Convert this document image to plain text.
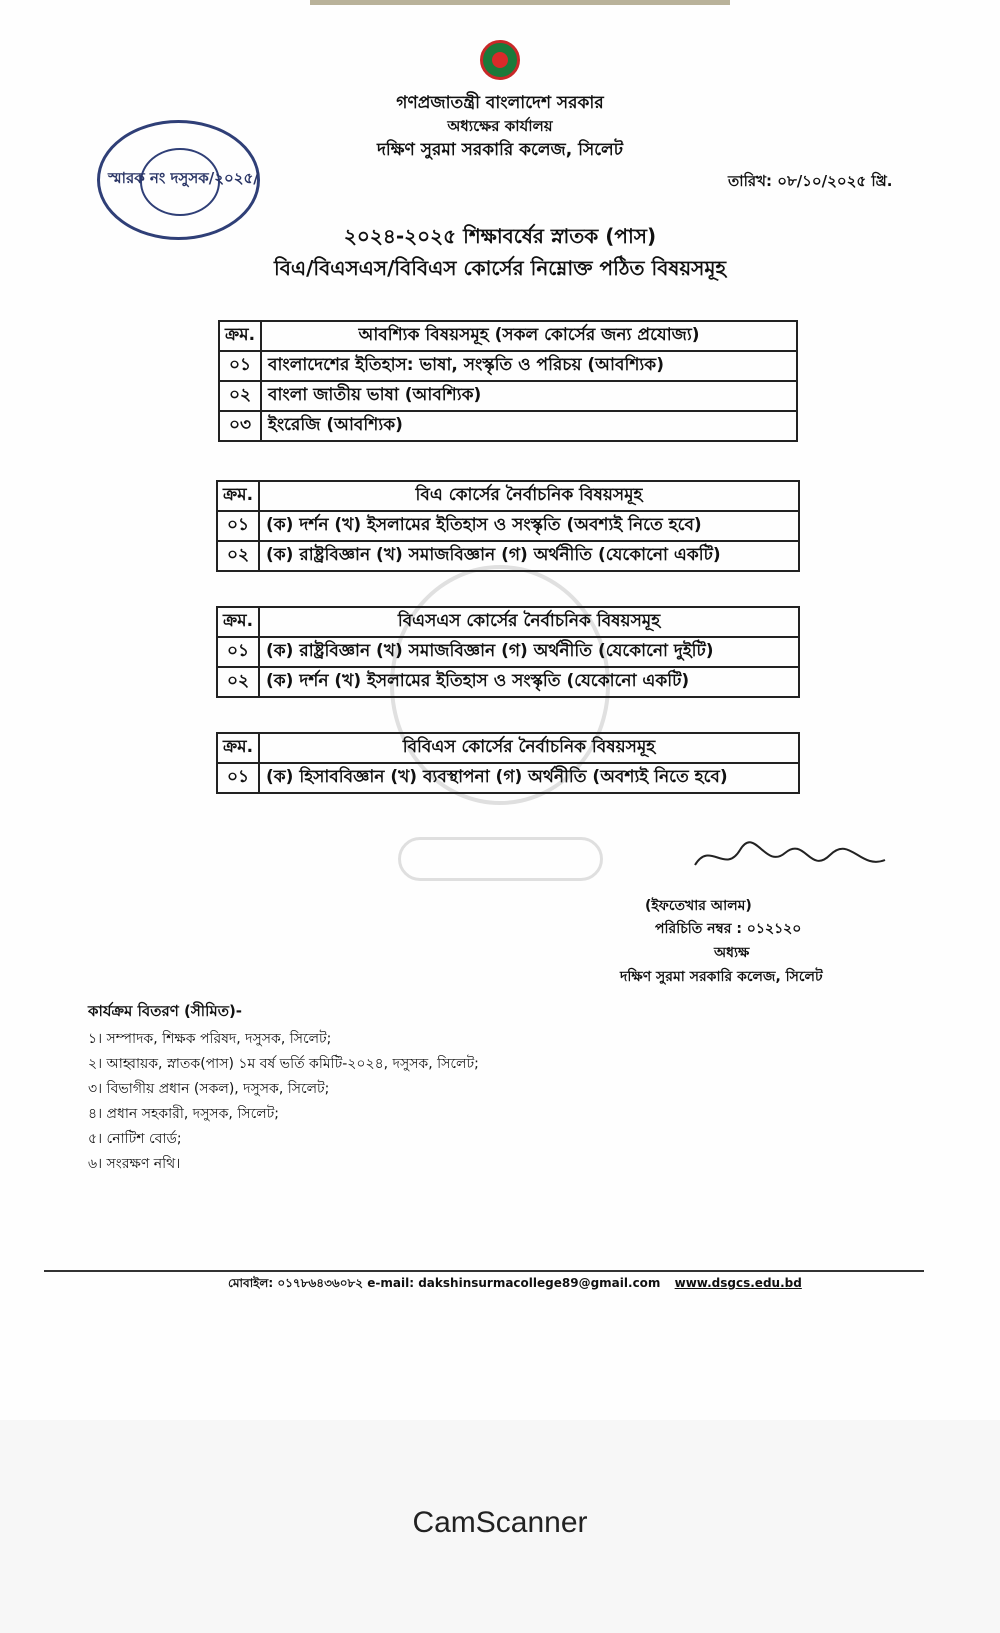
গণপ্রজাতন্ত্রী বাংলাদেশ সরকার
অধ্যক্ষের কার্যালয়
দক্ষিণ সুরমা সরকারি কলেজ, সিলেট
স্মারক নং দসুসক/২০২৫/	তারিখ: ০৮/১০/২০২৫ খ্রি.
২০২৪-২০২৫ শিক্ষাবর্ষের স্নাতক (পাস)
বিএ/বিএসএস/বিবিএস কোর্সের নিম্নোক্ত পঠিত বিষয়সমূহ
ক্রম.	আবশ্যিক বিষয়সমূহ (সকল কোর্সের জন্য প্রযোজ্য)
০১	বাংলাদেশের ইতিহাস: ভাষা, সংস্কৃতি ও পরিচয় (আবশ্যিক)
০২	বাংলা জাতীয় ভাষা (আবশ্যিক)
০৩	ইংরেজি (আবশ্যিক)
ক্রম.	বিএ কোর্সের নৈর্বাচনিক বিষয়সমূহ
০১	(ক) দর্শন (খ) ইসলামের ইতিহাস ও সংস্কৃতি (অবশ্যই নিতে হবে)
০২	(ক) রাষ্ট্রবিজ্ঞান (খ) সমাজবিজ্ঞান (গ) অর্থনীতি (যেকোনো একটি)
ক্রম.	বিএসএস কোর্সের নৈর্বাচনিক বিষয়সমূহ
০১	(ক) রাষ্ট্রবিজ্ঞান (খ) সমাজবিজ্ঞান (গ) অর্থনীতি (যেকোনো দুইটি)
০২	(ক) দর্শন (খ) ইসলামের ইতিহাস ও সংস্কৃতি (যেকোনো একটি)
ক্রম.	বিবিএস কোর্সের নৈর্বাচনিক বিষয়সমূহ
০১	(ক) হিসাববিজ্ঞান (খ) ব্যবস্থাপনা (গ) অর্থনীতি (অবশ্যই নিতে হবে)
(ইফতেখার আলম)
পরিচিতি নম্বর : ০১২১২০
অধ্যক্ষ
দক্ষিণ সুরমা সরকারি কলেজ, সিলেট
কার্যক্রম বিতরণ (সীমিত)-
১। সম্পাদক, শিক্ষক পরিষদ, দসুসক, সিলেট;
২। আহ্বায়ক, স্নাতক(পাস) ১ম বর্ষ ভর্তি কমিটি-২০২৪, দসুসক, সিলেট;
৩। বিভাগীয় প্রধান (সকল), দসুসক, সিলেট;
৪। প্রধান সহকারী, দসুসক, সিলেট;
৫। নোটিশ বোর্ড;
৬। সংরক্ষণ নথি।
মোবাইল: ০১৭৮৬৪৩৬০৮২ e-mail: dakshinsurmacollege89@gmail.com www.dsgcs.edu.bd
CamScanner
